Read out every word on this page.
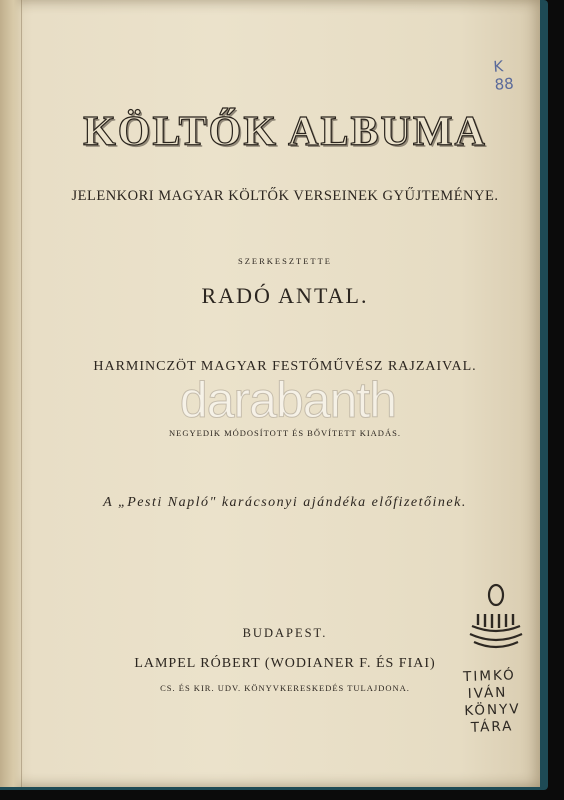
K
88
KÖLTŐK ALBUMA
JELENKORI MAGYAR KÖLTŐK VERSEINEK GYŰJTEMÉNYE.
SZERKESZTETTE
RADÓ ANTAL.
HARMINCZÖT MAGYAR FESTŐMŰVÉSZ RAJZAIVAL.
NEGYEDIK MÓDOSÍTOTT ÉS BŐVÍTETT KIADÁS.
A „Pesti Napló" karácsonyi ajándéka előfizetőinek.
BUDAPEST.
LAMPEL RÓBERT (WODIANER F. ÉS FIAI)
CS. ÉS KIR. UDV. KÖNYVKERESKEDÉS TULAJDONA.
darabanth
TIMKÓ
IVÁN
KÖNYV
TÁRA
